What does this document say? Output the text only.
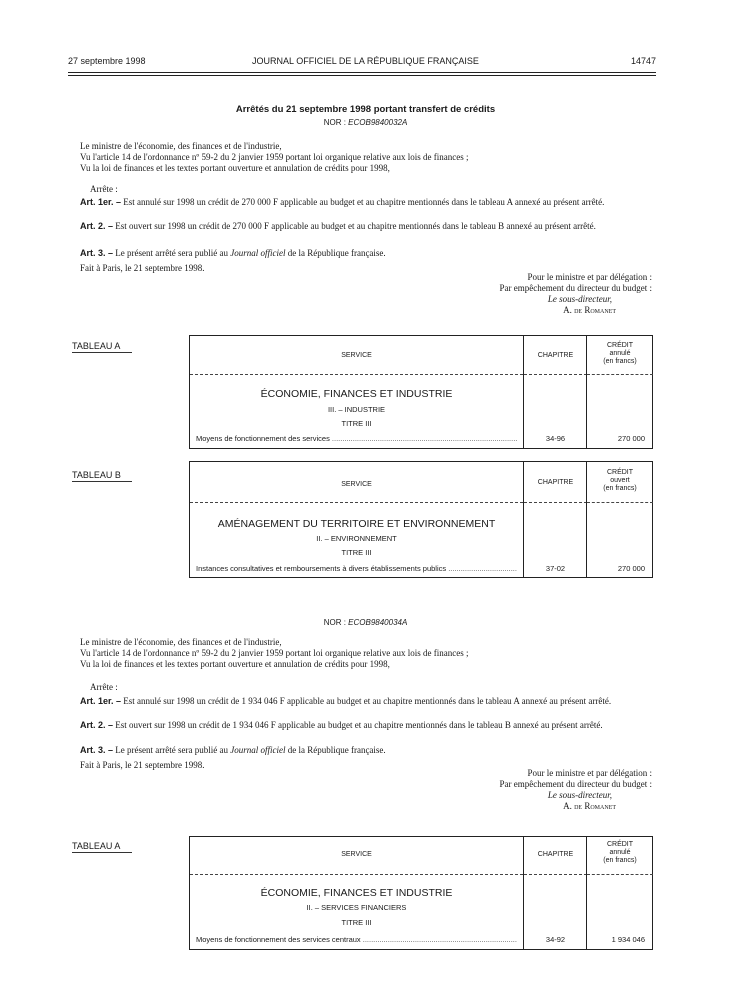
27 septembre 1998	JOURNAL OFFICIEL DE LA RÉPUBLIQUE FRANÇAISE	14747
Arrêtés du 21 septembre 1998 portant transfert de crédits
NOR : ECOB9840032A
Le ministre de l'économie, des finances et de l'industrie,
Vu l'article 14 de l'ordonnance nº 59-2 du 2 janvier 1959 portant loi organique relative aux lois de finances ;
Vu la loi de finances et les textes portant ouverture et annulation de crédits pour 1998,
Arrête :
Art. 1er. – Est annulé sur 1998 un crédit de 270 000 F applicable au budget et au chapitre mentionnés dans le tableau A annexé au présent arrêté.
Art. 2. – Est ouvert sur 1998 un crédit de 270 000 F applicable au budget et au chapitre mentionnés dans le tableau B annexé au présent arrêté.
Art. 3. – Le présent arrêté sera publié au Journal officiel de la République française.
Fait à Paris, le 21 septembre 1998.
Pour le ministre et par délégation :
Par empêchement du directeur du budget :
Le sous-directeur,
A. de Romanet
TABLEAU A
SERVICE
ÉCONOMIE, FINANCES ET INDUSTRIE
III. – INDUSTRIE
TITRE III
Moyens de fonctionnement des services .....
CHAPITRE
34-96
CRÉDIT
annulé
(en francs)
270 000
TABLEAU B
SERVICE
AMÉNAGEMENT DU TERRITOIRE ET ENVIRONNEMENT
II. – ENVIRONNEMENT
TITRE III
Instances consultatives et remboursements à divers établissements publics .....
CHAPITRE
37-02
CRÉDIT
ouvert
(en francs)
270 000
NOR : ECOB9840034A
Le ministre de l'économie, des finances et de l'industrie,
Vu l'article 14 de l'ordonnance nº 59-2 du 2 janvier 1959 portant loi organique relative aux lois de finances ;
Vu la loi de finances et les textes portant ouverture et annulation de crédits pour 1998,
Arrête :
Art. 1er. – Est annulé sur 1998 un crédit de 1 934 046 F applicable au budget et au chapitre mentionnés dans le tableau A annexé au présent arrêté.
Art. 2. – Est ouvert sur 1998 un crédit de 1 934 046 F applicable au budget et au chapitre mentionnés dans le tableau B annexé au présent arrêté.
Art. 3. – Le présent arrêté sera publié au Journal officiel de la République française.
Fait à Paris, le 21 septembre 1998.
Pour le ministre et par délégation :
Par empêchement du directeur du budget :
Le sous-directeur,
A. de Romanet
TABLEAU A
SERVICE
ÉCONOMIE, FINANCES ET INDUSTRIE
II. – SERVICES FINANCIERS
TITRE III
Moyens de fonctionnement des services centraux .....
CHAPITRE
34-92
CRÉDIT
annulé
(en francs)
1 934 046
